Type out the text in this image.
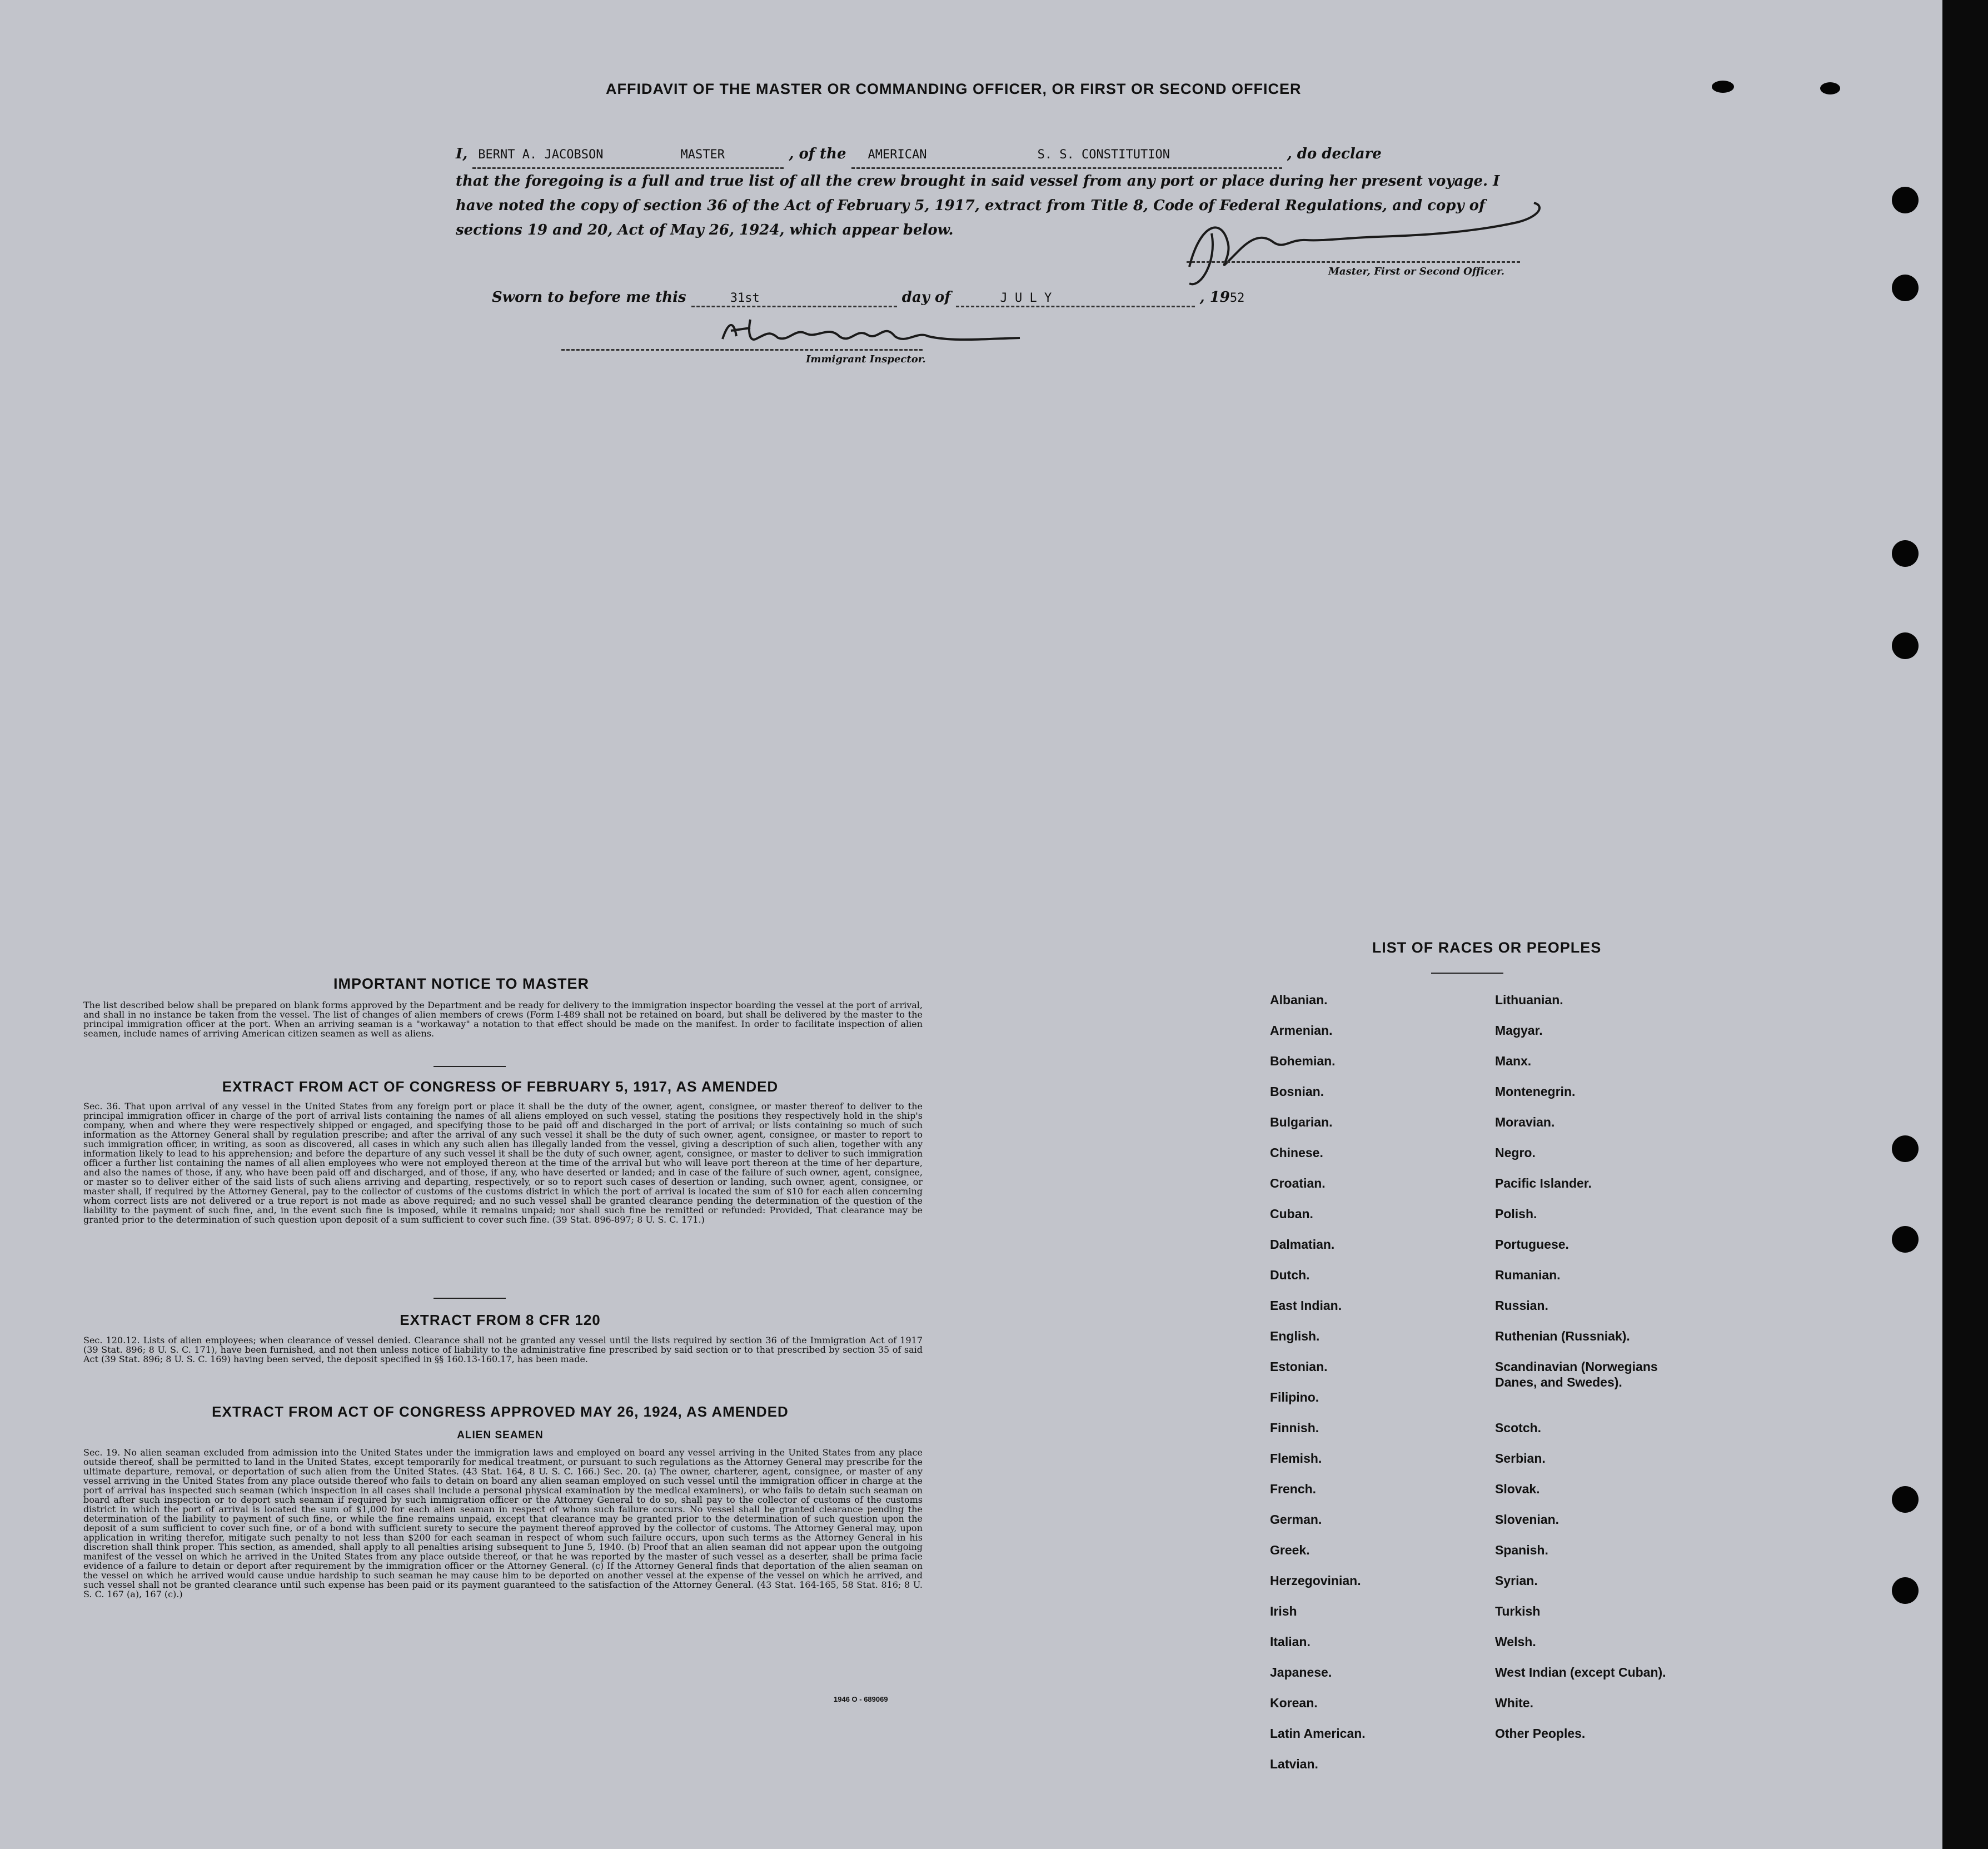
AFFIDAVIT OF THE MASTER OR COMMANDING OFFICER, OR FIRST OR SECOND OFFICER
I, BERNT A. JACOBSON	MASTER	, of the AMERICAN	S. S. CONSTITUTION	, do declare
that the foregoing is a full and true list of all the crew brought in said vessel from any port or place during her present voyage. I have noted the copy of section 36 of the Act of February 5, 1917, extract from Title 8, Code of Federal Regulations, and copy of sections 19 and 20, Act of May 26, 1924, which appear below.
Master, First or Second Officer.
Sworn to before me this	31st	day of	J U L Y	, 1952
Immigrant Inspector.
IMPORTANT NOTICE TO MASTER
The list described below shall be prepared on blank forms approved by the Department and be ready for delivery to the immigration inspector boarding the vessel at the port of arrival, and shall in no instance be taken from the vessel. The list of changes of alien members of crews (Form I-489 shall not be retained on board, but shall be delivered by the master to the principal immigration officer at the port. When an arriving seaman is a "workaway" a notation to that effect should be made on the manifest. In order to facilitate inspection of alien seamen, include names of arriving American citizen seamen as well as aliens.
EXTRACT FROM ACT OF CONGRESS OF FEBRUARY 5, 1917, AS AMENDED
Sec. 36. That upon arrival of any vessel in the United States from any foreign port or place it shall be the duty of the owner, agent, consignee, or master thereof to deliver to the principal immigration officer in charge of the port of arrival lists containing the names of all aliens employed on such vessel, stating the positions they respectively hold in the ship's company, when and where they were respectively shipped or engaged, and specifying those to be paid off and discharged in the port of arrival; or lists containing so much of such information as the Attorney General shall by regulation prescribe; and after the arrival of any such vessel it shall be the duty of such owner, agent, consignee, or master to report to such immigration officer, in writing, as soon as discovered, all cases in which any such alien has illegally landed from the vessel, giving a description of such alien, together with any information likely to lead to his apprehension; and before the departure of any such vessel it shall be the duty of such owner, agent, consignee, or master to deliver to such immigration officer a further list containing the names of all alien employees who were not employed thereon at the time of the arrival but who will leave port thereon at the time of her departure, and also the names of those, if any, who have been paid off and discharged, and of those, if any, who have deserted or landed; and in case of the failure of such owner, agent, consignee, or master so to deliver either of the said lists of such aliens arriving and departing, respectively, or so to report such cases of desertion or landing, such owner, agent, consignee, or master shall, if required by the Attorney General, pay to the collector of customs of the customs district in which the port of arrival is located the sum of $10 for each alien concerning whom correct lists are not delivered or a true report is not made as above required; and no such vessel shall be granted clearance pending the determination of the question of the liability to the payment of such fine, and, in the event such fine is imposed, while it remains unpaid; nor shall such fine be remitted or refunded: Provided, That clearance may be granted prior to the determination of such question upon deposit of a sum sufficient to cover such fine. (39 Stat. 896-897; 8 U. S. C. 171.)
EXTRACT FROM 8 CFR 120
Sec. 120.12. Lists of alien employees; when clearance of vessel denied. Clearance shall not be granted any vessel until the lists required by section 36 of the Immigration Act of 1917 (39 Stat. 896; 8 U. S. C. 171), have been furnished, and not then unless notice of liability to the administrative fine prescribed by said section or to that prescribed by section 35 of said Act (39 Stat. 896; 8 U. S. C. 169) having been served, the deposit specified in §§ 160.13-160.17, has been made.
EXTRACT FROM ACT OF CONGRESS APPROVED MAY 26, 1924, AS AMENDED
ALIEN SEAMEN
Sec. 19. No alien seaman excluded from admission into the United States under the immigration laws and employed on board any vessel arriving in the United States from any place outside thereof, shall be permitted to land in the United States, except temporarily for medical treatment, or pursuant to such regulations as the Attorney General may prescribe for the ultimate departure, removal, or deportation of such alien from the United States. (43 Stat. 164, 8 U. S. C. 166.) Sec. 20. (a) The owner, charterer, agent, consignee, or master of any vessel arriving in the United States from any place outside thereof who fails to detain on board any alien seaman employed on such vessel until the immigration officer in charge at the port of arrival has inspected such seaman (which inspection in all cases shall include a personal physical examination by the medical examiners), or who fails to detain such seaman on board after such inspection or to deport such seaman if required by such immigration officer or the Attorney General to do so, shall pay to the collector of customs of the customs district in which the port of arrival is located the sum of $1,000 for each alien seaman in respect of whom such failure occurs. No vessel shall be granted clearance pending the determination of the liability to payment of such fine, or while the fine remains unpaid, except that clearance may be granted prior to the determination of such question upon the deposit of a sum sufficient to cover such fine, or of a bond with sufficient surety to secure the payment thereof approved by the collector of customs. The Attorney General may, upon application in writing therefor, mitigate such penalty to not less than $200 for each seaman in respect of whom such failure occurs, upon such terms as the Attorney General in his discretion shall think proper. This section, as amended, shall apply to all penalties arising subsequent to June 5, 1940. (b) Proof that an alien seaman did not appear upon the outgoing manifest of the vessel on which he arrived in the United States from any place outside thereof, or that he was reported by the master of such vessel as a deserter, shall be prima facie evidence of a failure to detain or deport after requirement by the immigration officer or the Attorney General. (c) If the Attorney General finds that deportation of the alien seaman on the vessel on which he arrived would cause undue hardship to such seaman he may cause him to be deported on another vessel at the expense of the vessel on which he arrived, and such vessel shall not be granted clearance until such expense has been paid or its payment guaranteed to the satisfaction of the Attorney General. (43 Stat. 164-165, 58 Stat. 816; 8 U. S. C. 167 (a), 167 (c).)
1946 O - 689069
LIST OF RACES OR PEOPLES
Albanian.
Armenian.
Bohemian.
Bosnian.
Bulgarian.
Chinese.
Croatian.
Cuban.
Dalmatian.
Dutch.
East Indian.
English.
Estonian.
Filipino.
Finnish.
Flemish.
French.
German.
Greek.
Herzegovinian.
Irish
Italian.
Japanese.
Korean.
Latin American.
Latvian.
Lithuanian.
Magyar.
Manx.
Montenegrin.
Moravian.
Negro.
Pacific Islander.
Polish.
Portuguese.
Rumanian.
Russian.
Ruthenian (Russniak).
Scandinavian (Norwegians
Danes, and Swedes).
Scotch.
Serbian.
Slovak.
Slovenian.
Spanish.
Syrian.
Turkish
Welsh.
West Indian (except Cuban).
White.
Other Peoples.
